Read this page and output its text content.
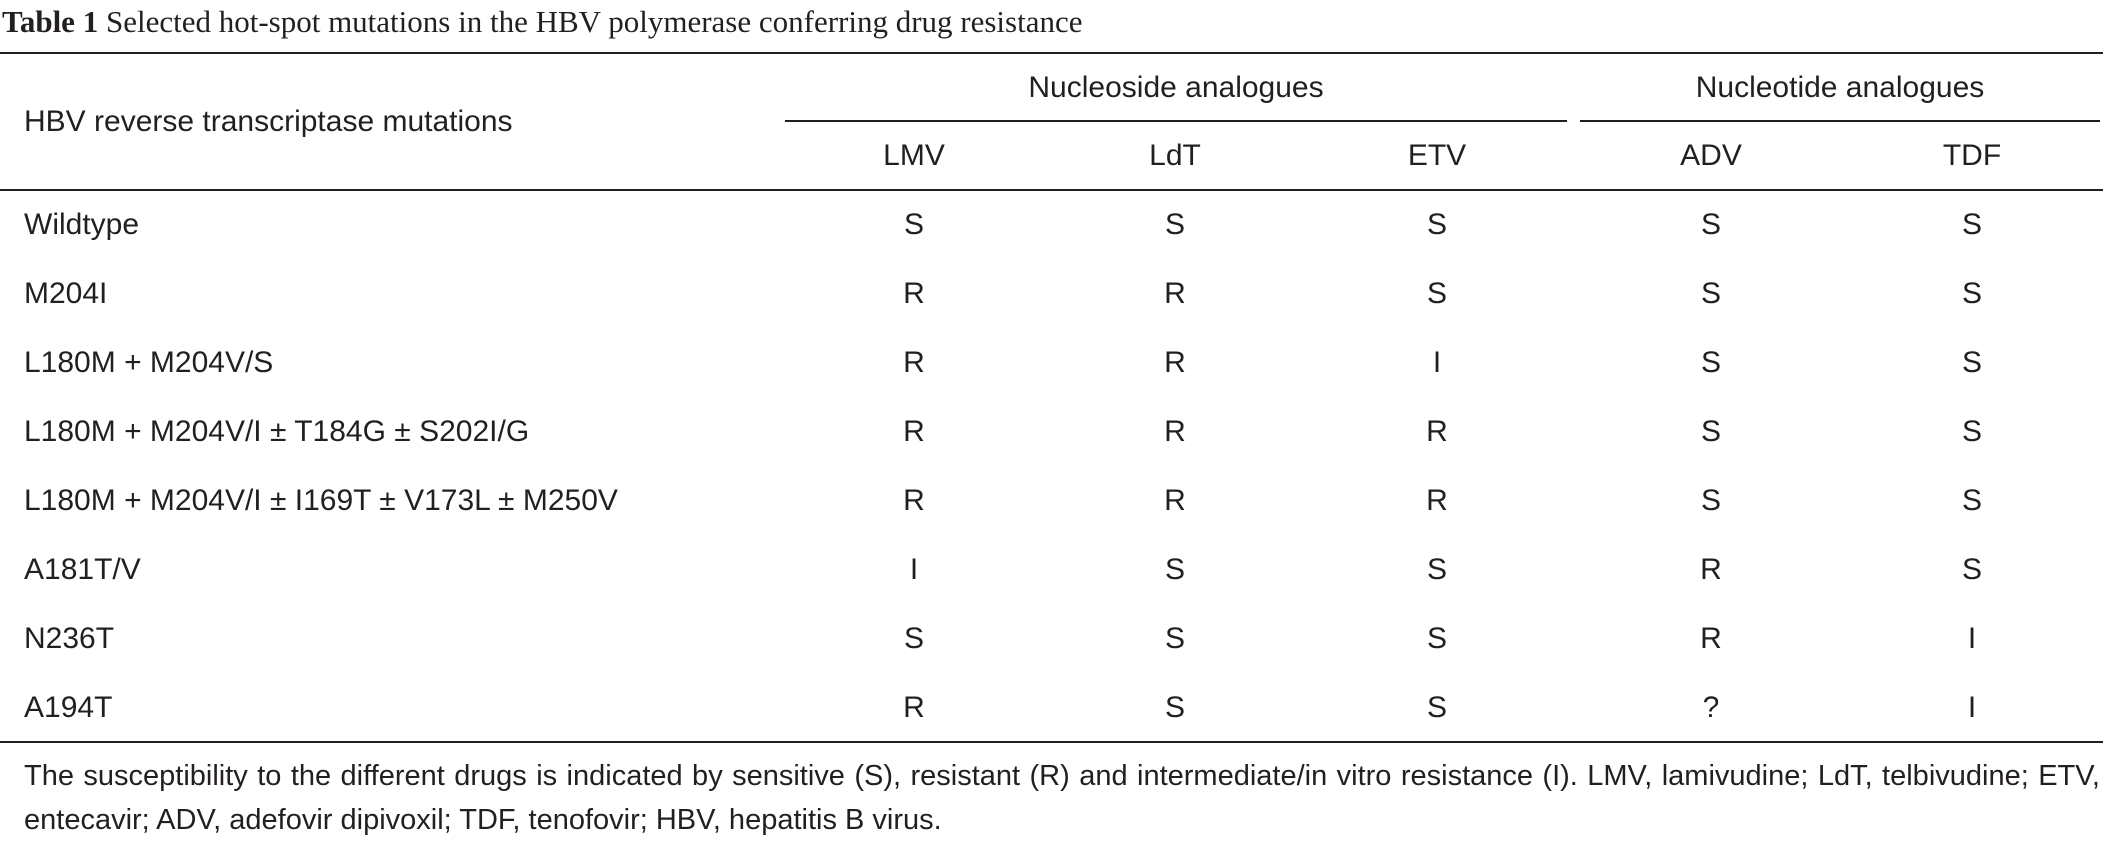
Table 1 Selected hot-spot mutations in the HBV polymerase conferring drug resistance
HBV reverse transcriptase mutations
Nucleoside analogues	Nucleotide analogues
LMV	LdT	ETV	ADV	TDF
Wildtype	S	S	S	S	S
M204I	R	R	S	S	S
L180M + M204V/S	R	R	I	S	S
L180M + M204V/I ± T184G ± S202I/G	R	R	R	S	S
L180M + M204V/I ± I169T ± V173L ± M250V	R	R	R	S	S
A181T/V	I	S	S	R	S
N236T	S	S	S	R	I
A194T	R	S	S	?	I
The susceptibility to the different drugs is indicated by sensitive (S), resistant (R) and intermediate/in vitro resistance (I). LMV, lamivudine; LdT, telbivudine; ETV, entecavir; ADV, adefovir dipivoxil; TDF, tenofovir; HBV, hepatitis B virus.
